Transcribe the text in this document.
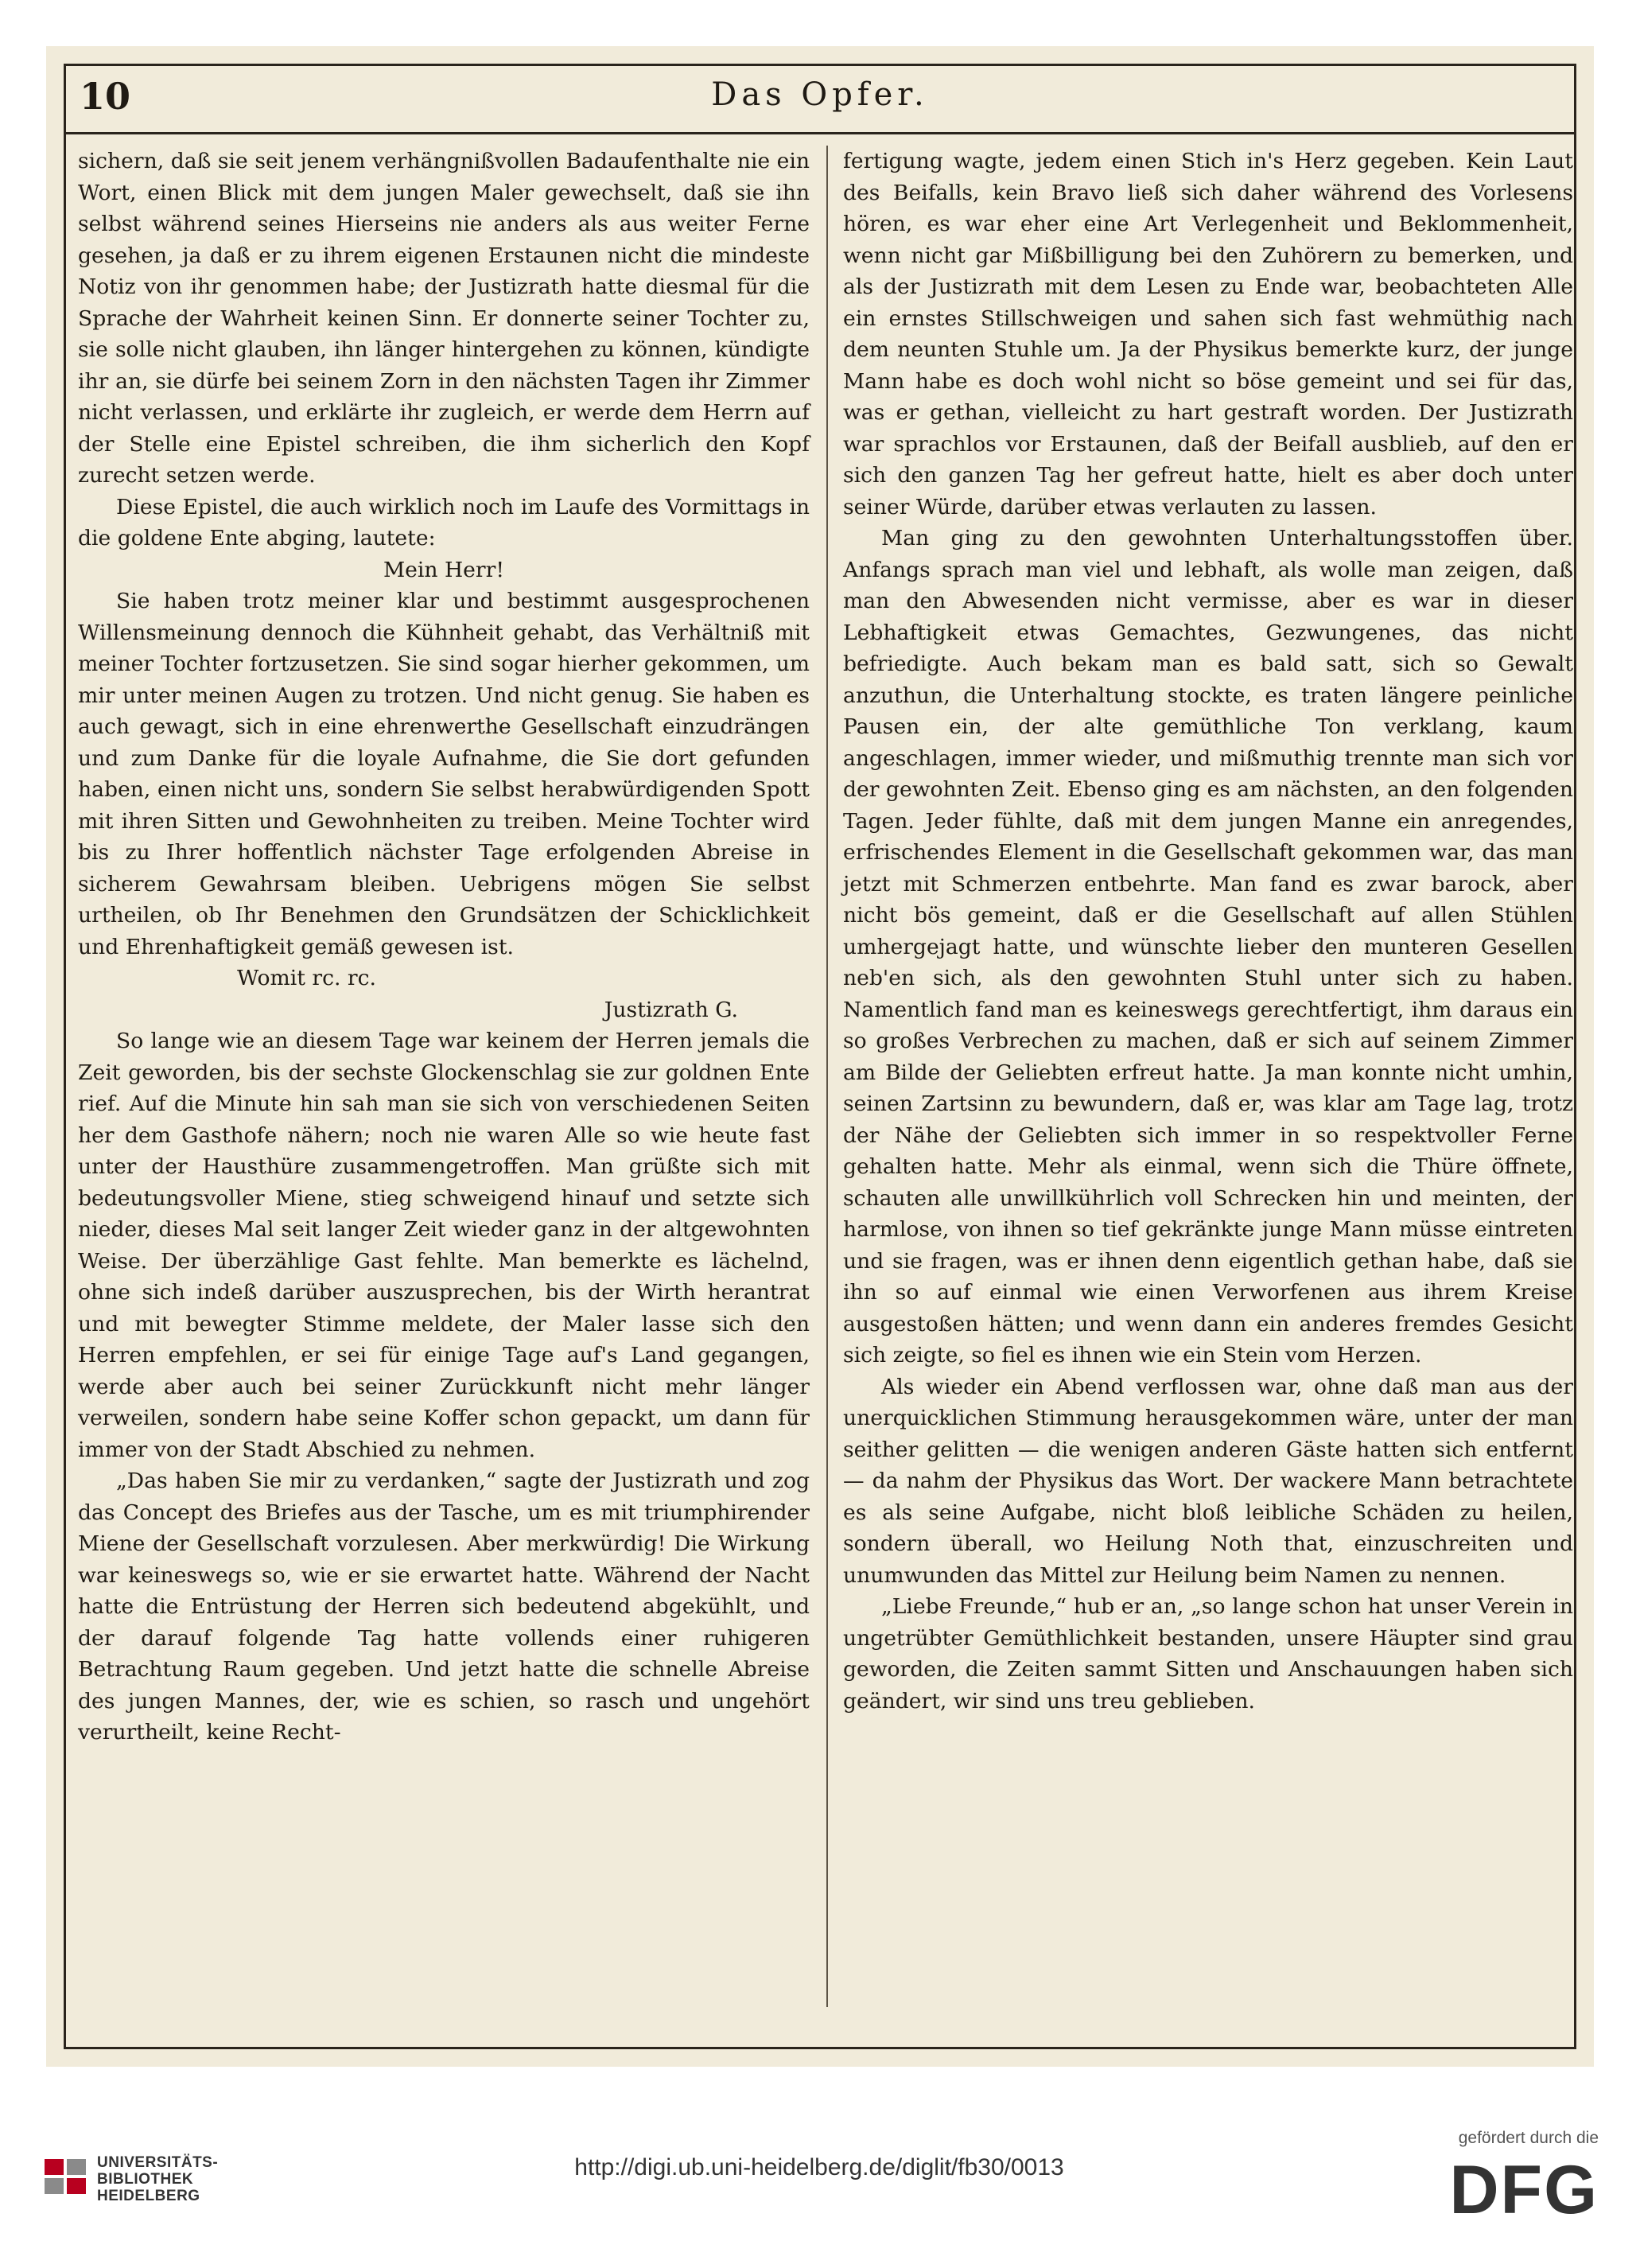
10	Das Opfer.

sichern, daß sie seit jenem verhängnißvollen Badaufenthalte nie ein Wort, einen Blick mit dem jungen Maler gewechselt, daß sie ihn selbst während seines Hierseins nie anders als aus weiter Ferne gesehen, ja daß er zu ihrem eigenen Erstaunen nicht die mindeste Notiz von ihr genommen habe; der Justizrath hatte diesmal für die Sprache der Wahrheit keinen Sinn. Er donnerte seiner Tochter zu, sie solle nicht glauben, ihn länger hintergehen zu können, kündigte ihr an, sie dürfe bei seinem Zorn in den nächsten Tagen ihr Zimmer nicht verlassen, und erklärte ihr zugleich, er werde dem Herrn auf der Stelle eine Epistel schreiben, die ihm sicherlich den Kopf zurecht setzen werde.

Diese Epistel, die auch wirklich noch im Laufe des Vormittags in die goldene Ente abging, lautete:

Mein Herr!

Sie haben trotz meiner klar und bestimmt ausgesprochenen Willensmeinung dennoch die Kühnheit gehabt, das Verhältniß mit meiner Tochter fortzusetzen. Sie sind sogar hierher gekommen, um mir unter meinen Augen zu trotzen. Und nicht genug. Sie haben es auch gewagt, sich in eine ehrenwerthe Gesellschaft einzudrängen und zum Danke für die loyale Aufnahme, die Sie dort gefunden haben, einen nicht uns, sondern Sie selbst herabwürdigenden Spott mit ihren Sitten und Gewohnheiten zu treiben. Meine Tochter wird bis zu Ihrer hoffentlich nächster Tage erfolgenden Abreise in sicherem Gewahrsam bleiben. Uebrigens mögen Sie selbst urtheilen, ob Ihr Benehmen den Grundsätzen der Schicklichkeit und Ehrenhaftigkeit gemäß gewesen ist.

Womit rc. rc.

Justizrath G.

So lange wie an diesem Tage war keinem der Herren jemals die Zeit geworden, bis der sechste Glockenschlag sie zur goldnen Ente rief. Auf die Minute hin sah man sie sich von verschiedenen Seiten her dem Gasthofe nähern; noch nie waren Alle so wie heute fast unter der Hausthüre zusammengetroffen. Man grüßte sich mit bedeutungsvoller Miene, stieg schweigend hinauf und setzte sich nieder, dieses Mal seit langer Zeit wieder ganz in der altgewohnten Weise. Der überzählige Gast fehlte. Man bemerkte es lächelnd, ohne sich indeß darüber auszusprechen, bis der Wirth herantrat und mit bewegter Stimme meldete, der Maler lasse sich den Herren empfehlen, er sei für einige Tage auf's Land gegangen, werde aber auch bei seiner Zurückkunft nicht mehr länger verweilen, sondern habe seine Koffer schon gepackt, um dann für immer von der Stadt Abschied zu nehmen.

„Das haben Sie mir zu verdanken,“ sagte der Justizrath und zog das Concept des Briefes aus der Tasche, um es mit triumphirender Miene der Gesellschaft vorzulesen. Aber merkwürdig! Die Wirkung war keineswegs so, wie er sie erwartet hatte. Während der Nacht hatte die Entrüstung der Herren sich bedeutend abgekühlt, und der darauf folgende Tag hatte vollends einer ruhigeren Betrachtung Raum gegeben. Und jetzt hatte die schnelle Abreise des jungen Mannes, der, wie es schien, so rasch und ungehört verurtheilt, keine Recht-

fertigung wagte, jedem einen Stich in's Herz gegeben. Kein Laut des Beifalls, kein Bravo ließ sich daher während des Vorlesens hören, es war eher eine Art Verlegenheit und Beklommenheit, wenn nicht gar Mißbilligung bei den Zuhörern zu bemerken, und als der Justizrath mit dem Lesen zu Ende war, beobachteten Alle ein ernstes Stillschweigen und sahen sich fast wehmüthig nach dem neunten Stuhle um. Ja der Physikus bemerkte kurz, der junge Mann habe es doch wohl nicht so böse gemeint und sei für das, was er gethan, vielleicht zu hart gestraft worden. Der Justizrath war sprachlos vor Erstaunen, daß der Beifall ausblieb, auf den er sich den ganzen Tag her gefreut hatte, hielt es aber doch unter seiner Würde, darüber etwas verlauten zu lassen.

Man ging zu den gewohnten Unterhaltungsstoffen über. Anfangs sprach man viel und lebhaft, als wolle man zeigen, daß man den Abwesenden nicht vermisse, aber es war in dieser Lebhaftigkeit etwas Gemachtes, Gezwungenes, das nicht befriedigte. Auch bekam man es bald satt, sich so Gewalt anzuthun, die Unterhaltung stockte, es traten längere peinliche Pausen ein, der alte gemüthliche Ton verklang, kaum angeschlagen, immer wieder, und mißmuthig trennte man sich vor der gewohnten Zeit. Ebenso ging es am nächsten, an den folgenden Tagen. Jeder fühlte, daß mit dem jungen Manne ein anregendes, erfrischendes Element in die Gesellschaft gekommen war, das man jetzt mit Schmerzen entbehrte. Man fand es zwar barock, aber nicht bös gemeint, daß er die Gesellschaft auf allen Stühlen umhergejagt hatte, und wünschte lieber den munteren Gesellen neb'en sich, als den gewohnten Stuhl unter sich zu haben. Namentlich fand man es keineswegs gerechtfertigt, ihm daraus ein so großes Verbrechen zu machen, daß er sich auf seinem Zimmer am Bilde der Geliebten erfreut hatte. Ja man konnte nicht umhin, seinen Zartsinn zu bewundern, daß er, was klar am Tage lag, trotz der Nähe der Geliebten sich immer in so respektvoller Ferne gehalten hatte. Mehr als einmal, wenn sich die Thüre öffnete, schauten alle unwillkührlich voll Schrecken hin und meinten, der harmlose, von ihnen so tief gekränkte junge Mann müsse eintreten und sie fragen, was er ihnen denn eigentlich gethan habe, daß sie ihn so auf einmal wie einen Verworfenen aus ihrem Kreise ausgestoßen hätten; und wenn dann ein anderes fremdes Gesicht sich zeigte, so fiel es ihnen wie ein Stein vom Herzen.

Als wieder ein Abend verflossen war, ohne daß man aus der unerquicklichen Stimmung herausgekommen wäre, unter der man seither gelitten — die wenigen anderen Gäste hatten sich entfernt — da nahm der Physikus das Wort. Der wackere Mann betrachtete es als seine Aufgabe, nicht bloß leibliche Schäden zu heilen, sondern überall, wo Heilung Noth that, einzuschreiten und unumwunden das Mittel zur Heilung beim Namen zu nennen.

„Liebe Freunde,“ hub er an, „so lange schon hat unser Verein in ungetrübter Gemüthlichkeit bestanden, unsere Häupter sind grau geworden, die Zeiten sammt Sitten und Anschauungen haben sich geändert, wir sind uns treu geblieben.

UNIVERSITÄTS-
BIBLIOTHEK
HEIDELBERG
http://digi.ub.uni-heidelberg.de/diglit/fb30/0013
gefördert durch die
DFG
